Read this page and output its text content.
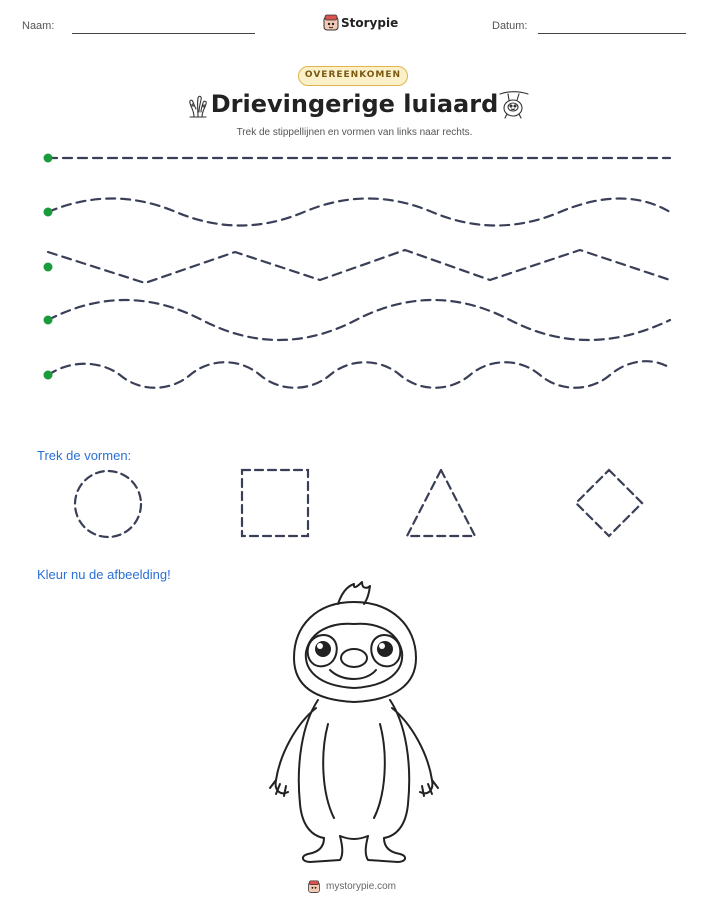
Naam:	Storypie	Datum:
OVEREENKOMEN
Drievingerige luiaard
Trek de stippellijnen en vormen van links naar rechts.
Trek de vormen:
Kleur nu de afbeelding!
mystorypie.com
